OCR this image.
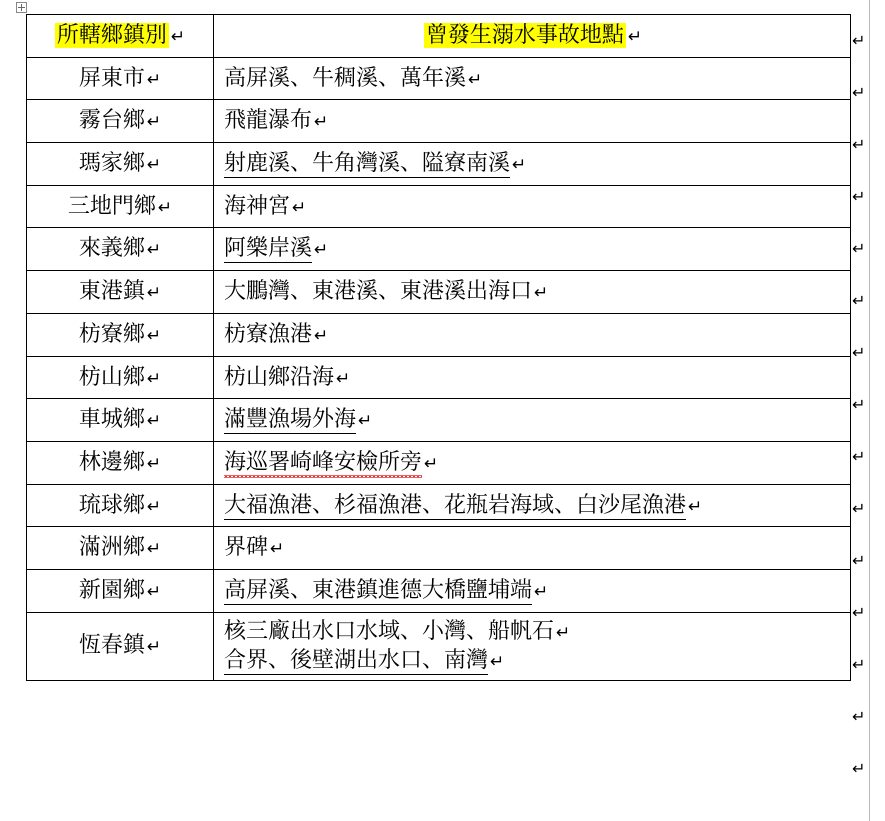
所轄鄉鎮別 ↵	曾發生溺水事故地點 ↵

屏東市 ↵	高屏溪、牛稠溪、萬年溪 ↵

霧台鄉 ↵	飛龍瀑布 ↵

瑪家鄉 ↵	射鹿溪、牛角灣溪、隘寮南溪 ↵

三地門鄉 ↵	海神宮 ↵

來義鄉 ↵	阿樂岸溪 ↵

東港鎮 ↵	大鵬灣、東港溪、東港溪出海口 ↵

枋寮鄉 ↵	枋寮漁港 ↵

枋山鄉 ↵	枋山鄉沿海 ↵

車城鄉 ↵	滿豐漁場外海 ↵

林邊鄉 ↵	海巡署崎峰安檢所旁 ↵

琉球鄉 ↵	大福漁港、杉福漁港、花瓶岩海域、白沙尾漁港 ↵

滿洲鄉 ↵	界碑 ↵

新園鄉 ↵	高屏溪、東港鎮進德大橋鹽埔端 ↵

恆春鎮 ↵	核三廠出水口水域、小灣、船帆石 ↵
合界、後壁湖出水口、南灣 ↵
↵
↵
↵
↵
↵
↵
↵
↵
↵
↵
↵
↵
↵
↵
↵
